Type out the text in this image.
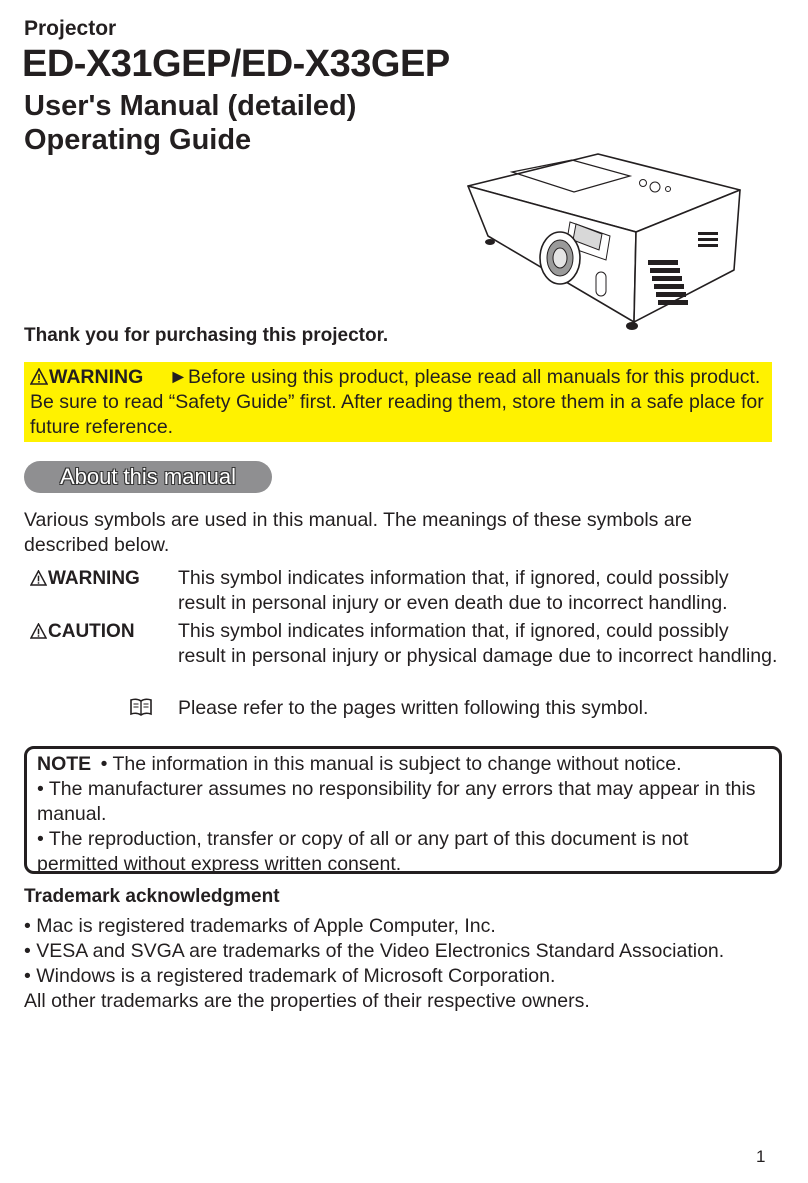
Projector
ED-X31GEP/ED-X33GEP
User's Manual (detailed)
Operating Guide
Thank you for purchasing this projector.
WARNING ►Before using this product, please read all manuals for this product. Be sure to read “Safety Guide” first. After reading them, store them in a safe place for future reference.
About this manual
Various symbols are used in this manual. The meanings of these symbols are described below.
WARNING This symbol indicates information that, if ignored, could possibly result in personal injury or even death due to incorrect handling.
CAUTION This symbol indicates information that, if ignored, could possibly result in personal injury or physical damage due to incorrect handling.
Please refer to the pages written following this symbol.
NOTE • The information in this manual is subject to change without notice.
• The manufacturer assumes no responsibility for any errors that may appear in this manual.
• The reproduction, transfer or copy of all or any part of this document is not permitted without express written consent.
Trademark acknowledgment
• Mac is registered trademarks of Apple Computer, Inc.
• VESA and SVGA are trademarks of the Video Electronics Standard Association.
• Windows is a registered trademark of Microsoft Corporation.
All other trademarks are the properties of their respective owners.
1
